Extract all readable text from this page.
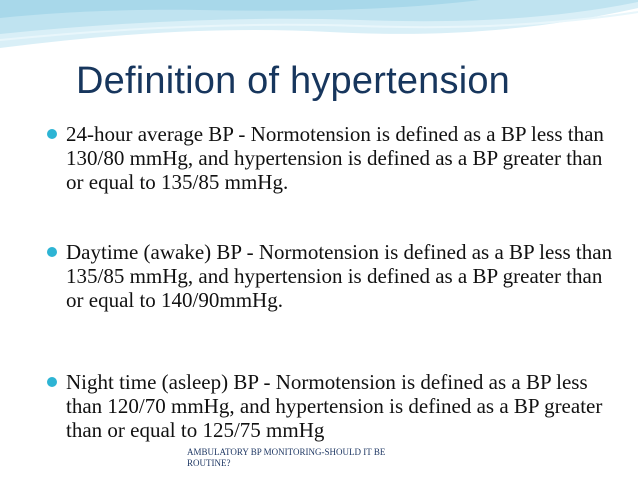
Definition of hypertension
24-hour average BP - Normotension is defined as a BP less than 130/80 mmHg, and hypertension is defined as a BP greater than or equal to 135/85 mmHg.
Daytime (awake) BP - Normotension is defined as a BP less than 135/85 mmHg, and hypertension is defined as a BP greater than or equal to 140/90mmHg.
Night time (asleep) BP - Normotension is defined as a BP less than 120/70 mmHg, and hypertension is defined as a BP greater than or equal to 125/75 mmHg
AMBULATORY BP MONITORING-SHOULD IT BE ROUTINE?
